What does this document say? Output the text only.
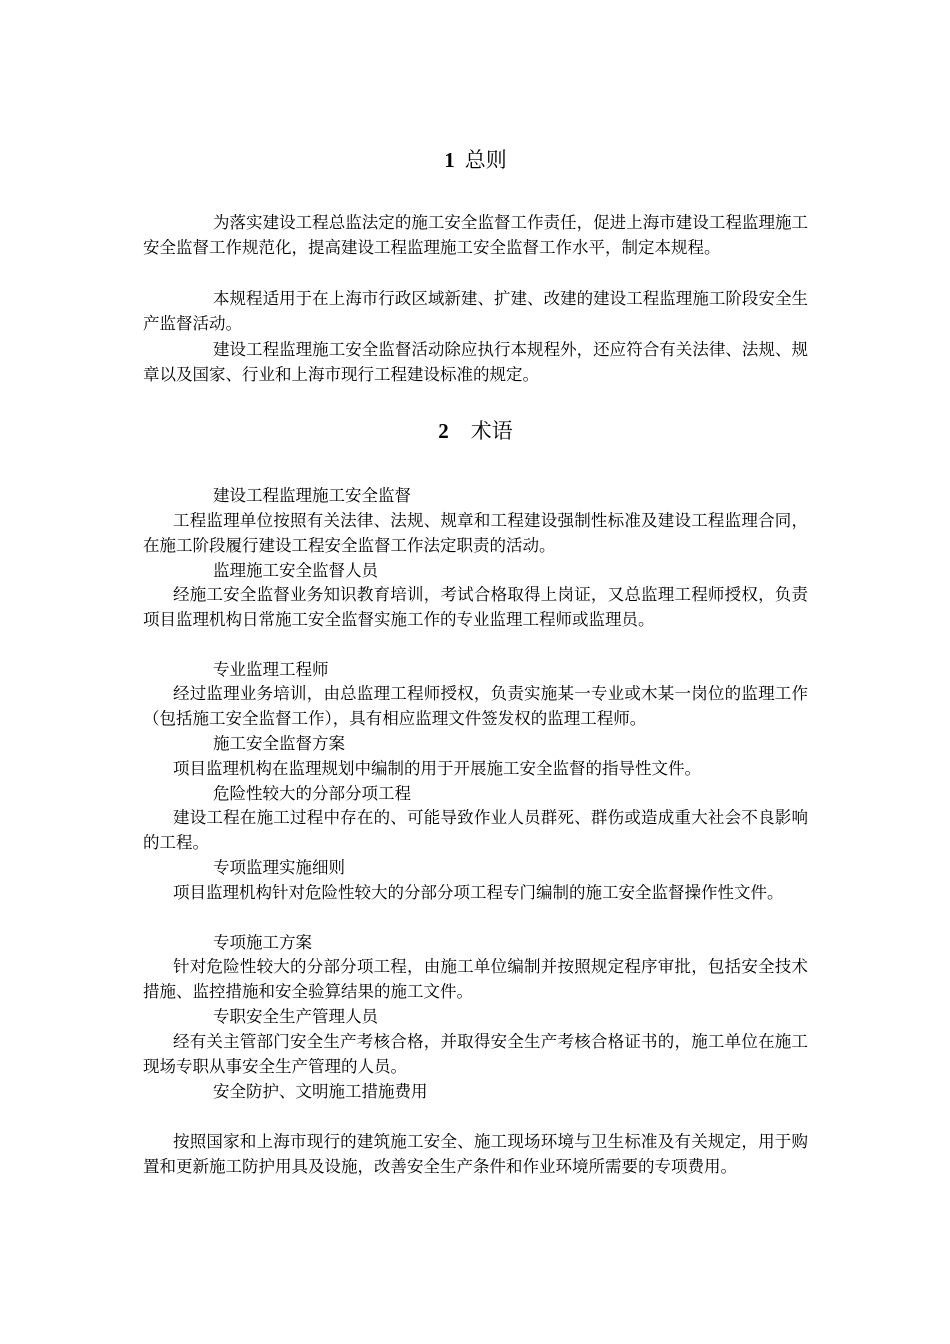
1 总则
为落实建设工程总监法定的施工安全监督工作责任，促进上海市建设工程监理施工安全监督工作规范化，提高建设工程监理施工安全监督工作水平，制定本规程。
本规程适用于在上海市行政区域新建、扩建、改建的建设工程监理施工阶段安全生产监督活动。
建设工程监理施工安全监督活动除应执行本规程外，还应符合有关法律、法规、规章以及国家、行业和上海市现行工程建设标准的规定。
2 术语
建设工程监理施工安全监督
工程监理单位按照有关法律、法规、规章和工程建设强制性标准及建设工程监理合同，在施工阶段履行建设工程安全监督工作法定职责的活动。
监理施工安全监督人员
经施工安全监督业务知识教育培训，考试合格取得上岗证，又总监理工程师授权，负责项目监理机构日常施工安全监督实施工作的专业监理工程师或监理员。
专业监理工程师
经过监理业务培训，由总监理工程师授权，负责实施某一专业或木某一岗位的监理工作（包括施工安全监督工作），具有相应监理文件签发权的监理工程师。
施工安全监督方案
项目监理机构在监理规划中编制的用于开展施工安全监督的指导性文件。
危险性较大的分部分项工程
建设工程在施工过程中存在的、可能导致作业人员群死、群伤或造成重大社会不良影响的工程。
专项监理实施细则
项目监理机构针对危险性较大的分部分项工程专门编制的施工安全监督操作性文件。
专项施工方案
针对危险性较大的分部分项工程，由施工单位编制并按照规定程序审批，包括安全技术措施、监控措施和安全验算结果的施工文件。
专职安全生产管理人员
经有关主管部门安全生产考核合格，并取得安全生产考核合格证书的，施工单位在施工现场专职从事安全生产管理的人员。
安全防护、文明施工措施费用
按照国家和上海市现行的建筑施工安全、施工现场环境与卫生标准及有关规定，用于购置和更新施工防护用具及设施，改善安全生产条件和作业环境所需要的专项费用。
